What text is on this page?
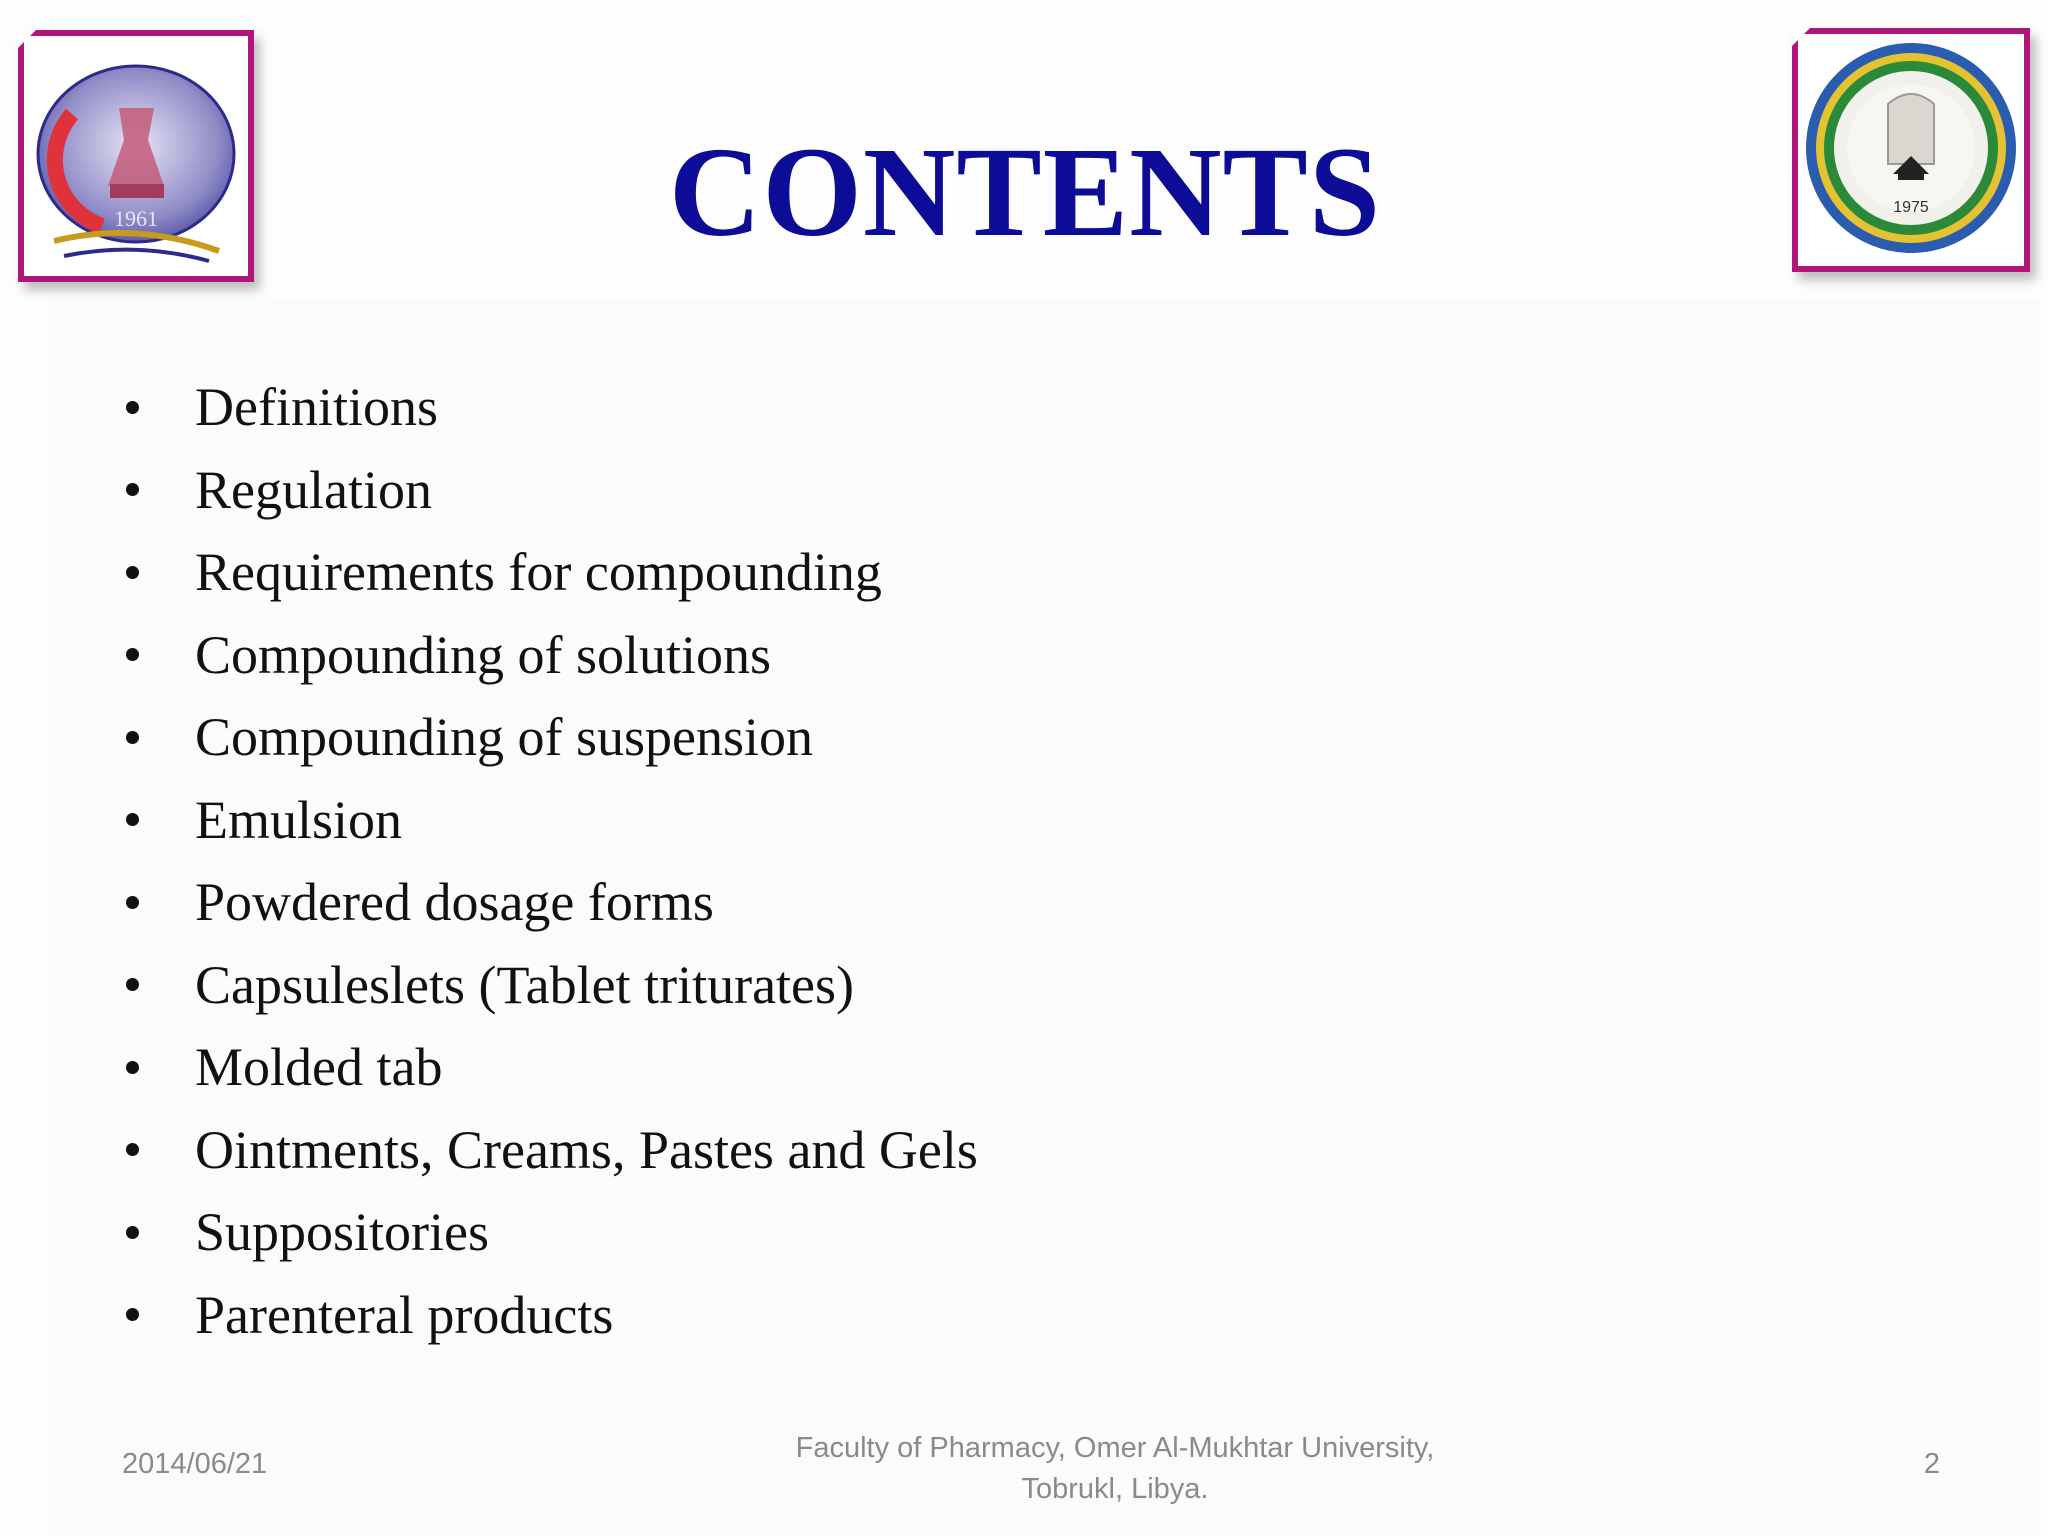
1961	1975
CONTENTS
Definitions
Regulation
Requirements for compounding
Compounding of solutions
Compounding of suspension
Emulsion
Powdered dosage forms
Capsuleslets (Tablet triturates)
Molded tab
Ointments, Creams, Pastes and Gels
Suppositories
Parenteral products
2014/06/21	Faculty of Pharmacy, Omer Al-Mukhtar University,
Tobrukl, Libya.
2
